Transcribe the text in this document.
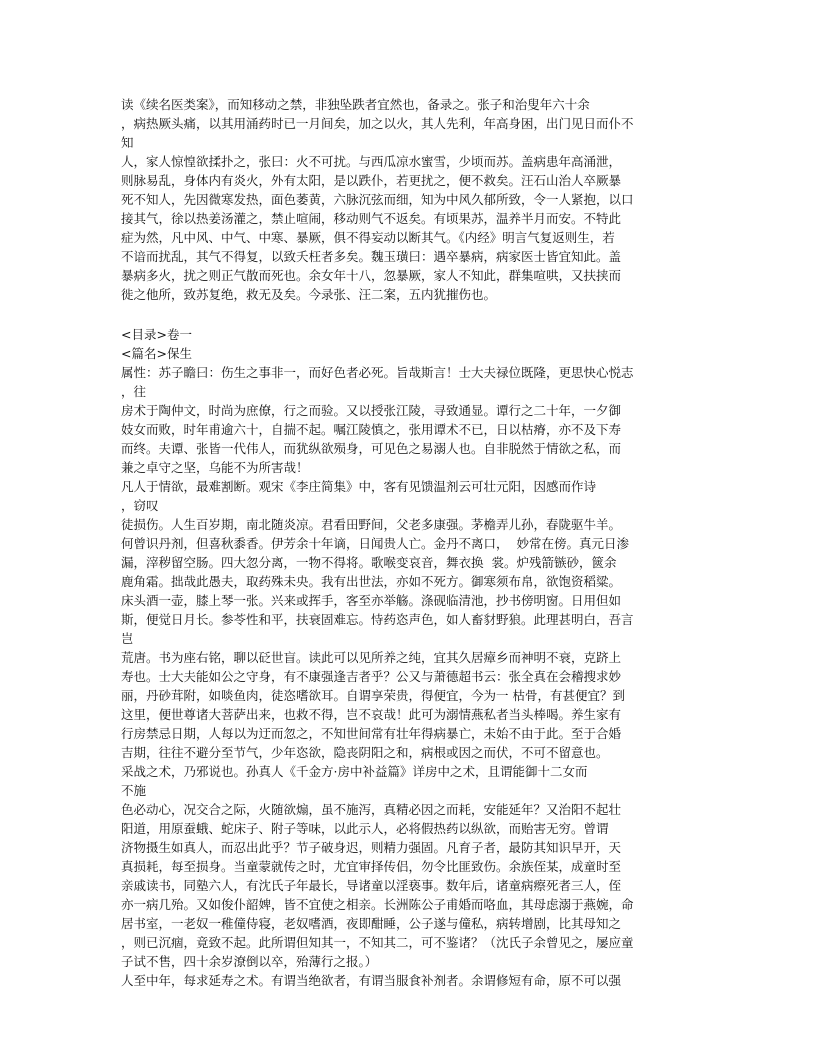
读《续名医类案》，而知移动之禁，非独坠跌者宜然也，备录之。张子和治叟年六十余

，病热厥头痛，以其用涌药时已一月间矣，加之以火，其人先利，年高身困，出门见日而仆不

知

人，家人惊惶欲揉扑之，张曰：火不可扰。与西瓜凉水蜜雪，少顷而苏。盖病患年高涌泄，

则脉易乱，身体内有炎火，外有太阳，是以跌仆，若更扰之，便不救矣。汪石山治人卒厥暴

死不知人，先因微寒发热，面色萎黄，六脉沉弦而细，知为中风久郁所致，令一人紧抱，以口

接其气，徐以热姜汤灌之，禁止喧闹，移动则气不返矣。有顷果苏，温养半月而安。不特此

症为然，凡中风、中气、中寒、暴厥，俱不得妄动以断其气。《内经》明言气复返则生，若

不谙而扰乱，其气不得复，以致夭枉者多矣。魏玉璜曰：遇卒暴病，病家医士皆宜知此。盖

暴病多火，扰之则正气散而死也。余女年十八，忽暴厥，家人不知此，群集喧哄，又扶挟而

徙之他所，致苏复绝，救无及矣。今录张、汪二案，五内犹摧伤也。

<目录>卷一

<篇名>保生

属性：苏子瞻曰：伤生之事非一，而好色者必死。旨哉斯言！士大夫禄位既隆，更思快心悦志

，往

房术于陶仲文，时尚为庶僚，行之而验。又以授张江陵，寻致通显。谭行之二十年，一夕御

妓女而败，时年甫逾六十，自揣不起。嘱江陵慎之，张用谭术不已，日以枯瘠，亦不及下寿

而终。夫谭、张皆一代伟人，而犹纵欲殒身，可见色之易溺人也。自非脱然于情欲之私，而

兼之卓守之坚，乌能不为所害哉！

凡人于情欲，最难割断。观宋《李庄简集》中，客有见馈温剂云可壮元阳，因感而作诗

，窃叹

徒损伤。人生百岁期，南北随炎凉。君看田野间，父老多康强。茅檐弄儿孙，春陇驱牛羊。

何曾识丹剂，但喜秋黍香。伊芳余十年谪，日闻贵人亡。金丹不离口，  妙常在傍。真元日渗

漏，滓秽留空肠。四大忽分离，一物不得将。歌喉变哀音，舞衣换  裳。炉残箭镞砂，篋余

鹿角霜。拙哉此愚夫，取药殊未央。我有出世法，亦如不死方。御寒须布帛，欲饱资稻粱。

床头酒一壶，膝上琴一张。兴来或挥手，客至亦举觞。涤砚临清池，抄书傍明窗。日用但如

斯，便觉日月长。参苓性和平，扶衰固难忘。恃药恣声色，如人畜豺野狼。此理甚明白，吾言

岂

荒唐。书为座右铭，聊以砭世盲。读此可以见所养之纯，宜其久居瘴乡而神明不衰，克跻上

寿也。士大夫能如公之守身，有不康强逢吉者乎？公又与萧德超书云：张全真在会稽搜求妙

丽，丹砂茸附，如啖鱼肉，徒恣嗜欲耳。自谓享荣贵，得便宜，今为一 枯骨，有甚便宜？到

这里，便世尊诸大菩萨出来，也救不得，岂不哀哉！此可为溺情燕私者当头棒喝。养生家有

行房禁忌日期，人每以为迂而忽之，不知世间常有壮年得病暴亡，未始不由于此。至于合婚

吉期，往往不避分至节气，少年恣欲，隐丧阴阳之和，病根或因之而伏，不可不留意也。

采战之术，乃邪说也。孙真人《千金方·房中补益篇》详房中之术，且谓能御十二女而

不施

色必动心，况交合之际，火随欲煽，虽不施泻，真精必因之而耗，安能延年？又治阳不起壮

阳道，用原蚕蛾、蛇床子、附子等味，以此示人，必将假热药以纵欲，而贻害无穷。曾谓

济物摄生如真人，而忍出此乎？节子破身迟，则精力强固。凡育子者，最防其知识早开，天

真损耗，每至损身。当童蒙就传之时，尤宜审择传侣，勿令比匪致伤。余族侄某，成童时至

亲戚读书，同塾六人，有沈氏子年最长，导诸童以淫亵事。数年后，诸童病瘵死者三人，侄

亦一病几殆。又如俊仆韶婢，皆不宜使之相亲。长洲陈公子甫婚而咯血，其母虑溺于燕婉，命

居书室，一老奴一稚僮侍寝，老奴嗜酒，夜即酣睡，公子遂与僮私，病转增剧，比其母知之

，则已沉痼，竟致不起。此所谓但知其一，不知其二，可不鉴诸？（沈氏子余曾见之，屡应童

子试不售，四十余岁潦倒以卒，殆薄行之报。）

人至中年，每求延寿之术。有谓当绝欲者，有谓当服食补剂者。余谓修短有命，原不可以强
